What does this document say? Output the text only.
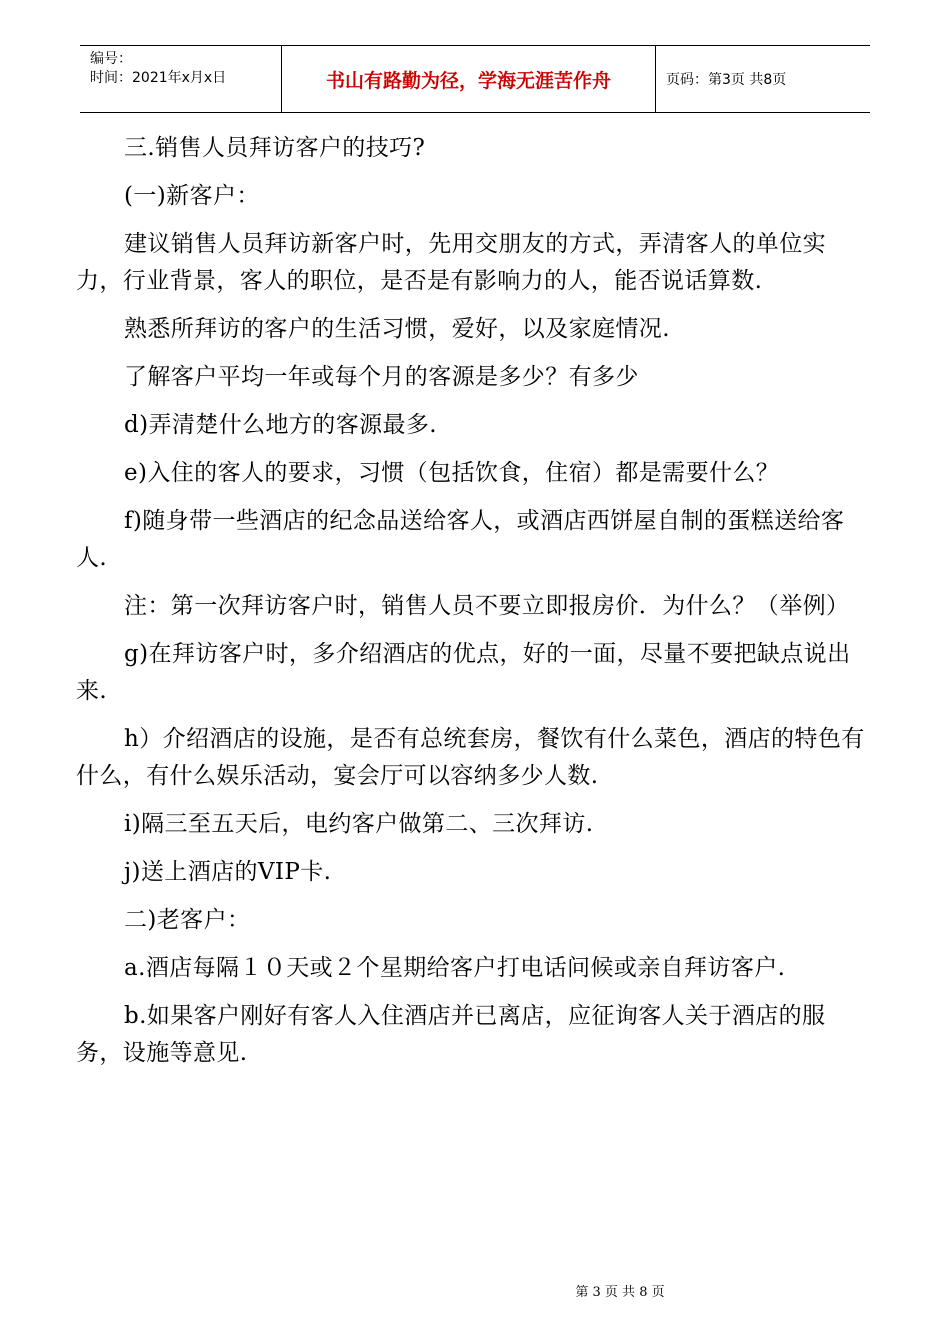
编号：
时间：2021年x月x日	书山有路勤为径，学海无涯苦作舟	页码：第3页 共8页

三.销售人员拜访客户的技巧?

(一)新客户：

建议销售人员拜访新客户时，先用交朋友的方式，弄清客人的单位实力，行业背景，客人的职位，是否是有影响力的人，能否说话算数.

熟悉所拜访的客户的生活习惯，爱好，以及家庭情况.

了解客户平均一年或每个月的客源是多少？有多少

d)弄清楚什么地方的客源最多.

e)入住的客人的要求，习惯（包括饮食，住宿）都是需要什么？

f)随身带一些酒店的纪念品送给客人，或酒店西饼屋自制的蛋糕送给客人.

注：第一次拜访客户时，销售人员不要立即报房价．为什么？（举例）

g)在拜访客户时，多介绍酒店的优点，好的一面，尽量不要把缺点说出来.

h）介绍酒店的设施，是否有总统套房，餐饮有什么菜色，酒店的特色有什么，有什么娱乐活动，宴会厅可以容纳多少人数.

i)隔三至五天后，电约客户做第二、三次拜访.

j)送上酒店的VIP卡.

二)老客户：

a.酒店每隔１０天或２个星期给客户打电话问候或亲自拜访客户.

b.如果客户刚好有客人入住酒店并已离店，应征询客人关于酒店的服务，设施等意见.

第 3 页 共 8 页
